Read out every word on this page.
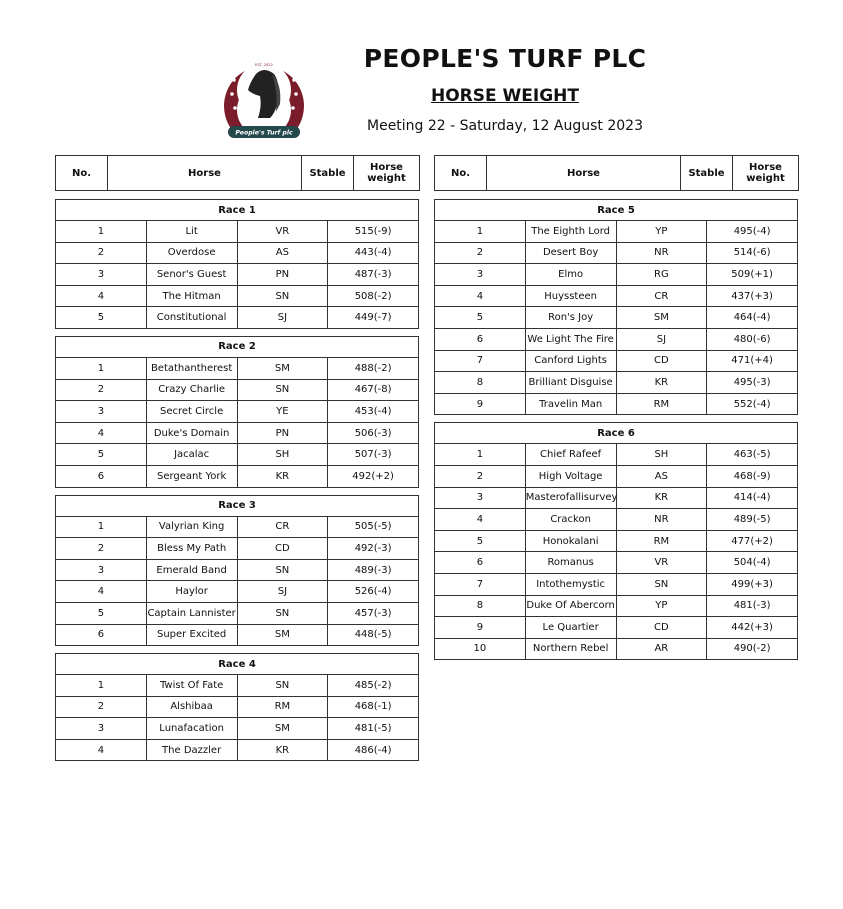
PTP
EST. 2022
People's Turf plc
PEOPLE'S TURF PLC
HORSE WEIGHT
Meeting 22 - Saturday, 12 August 2023
No.	Horse	Stable	Horse
weight
Race 1			
1	Lit	VR	515(-9)
2	Overdose	AS	443(-4)
3	Senor's Guest	PN	487(-3)
4	The Hitman	SN	508(-2)
5	Constitutional	SJ	449(-7)
Race 2			
1	Betathantherest	SM	488(-2)
2	Crazy Charlie	SN	467(-8)
3	Secret Circle	YE	453(-4)
4	Duke's Domain	PN	506(-3)
5	Jacalac	SH	507(-3)
6	Sergeant York	KR	492(+2)
Race 3			
1	Valyrian King	CR	505(-5)
2	Bless My Path	CD	492(-3)
3	Emerald Band	SN	489(-3)
4	Haylor	SJ	526(-4)
5	Captain Lannister	SN	457(-3)
6	Super Excited	SM	448(-5)
Race 4			
1	Twist Of Fate	SN	485(-2)
2	Alshibaa	RM	468(-1)
3	Lunafacation	SM	481(-5)
4	The Dazzler	KR	486(-4)
No.	Horse	Stable	Horse
weight
Race 5			
1	The Eighth Lord	YP	495(-4)
2	Desert Boy	NR	514(-6)
3	Elmo	RG	509(+1)
4	Huyssteen	CR	437(+3)
5	Ron's Joy	SM	464(-4)
6	We Light The Fire	SJ	480(-6)
7	Canford Lights	CD	471(+4)
8	Brilliant Disguise	KR	495(-3)
9	Travelin Man	RM	552(-4)
Race 6			
1	Chief Rafeef	SH	463(-5)
2	High Voltage	AS	468(-9)
3	Masterofallisurvey	KR	414(-4)
4	Crackon	NR	489(-5)
5	Honokalani	RM	477(+2)
6	Romanus	VR	504(-4)
7	Intothemystic	SN	499(+3)
8	Duke Of Abercorn	YP	481(-3)
9	Le Quartier	CD	442(+3)
10	Northern Rebel	AR	490(-2)
